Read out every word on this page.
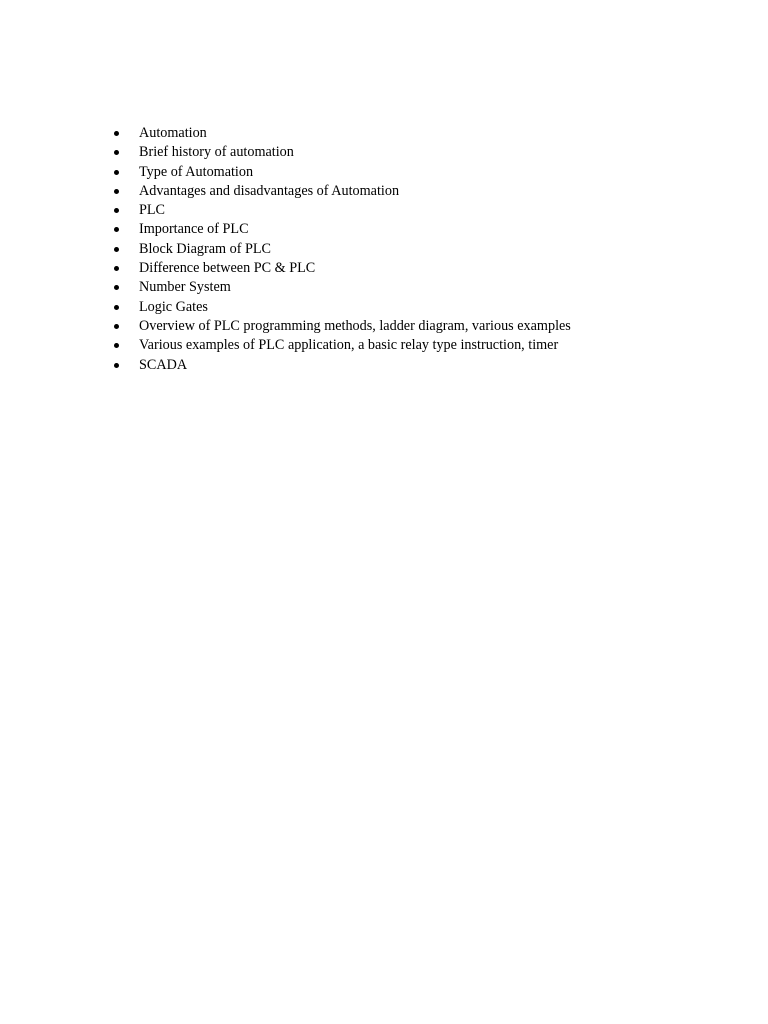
Automation
Brief history of automation
Type of Automation
Advantages and disadvantages of Automation
PLC
Importance of PLC
Block Diagram of PLC
Difference between PC & PLC
Number System
Logic Gates
Overview of PLC programming methods, ladder diagram, various examples
Various examples of PLC application, a basic relay type instruction, timer
SCADA
